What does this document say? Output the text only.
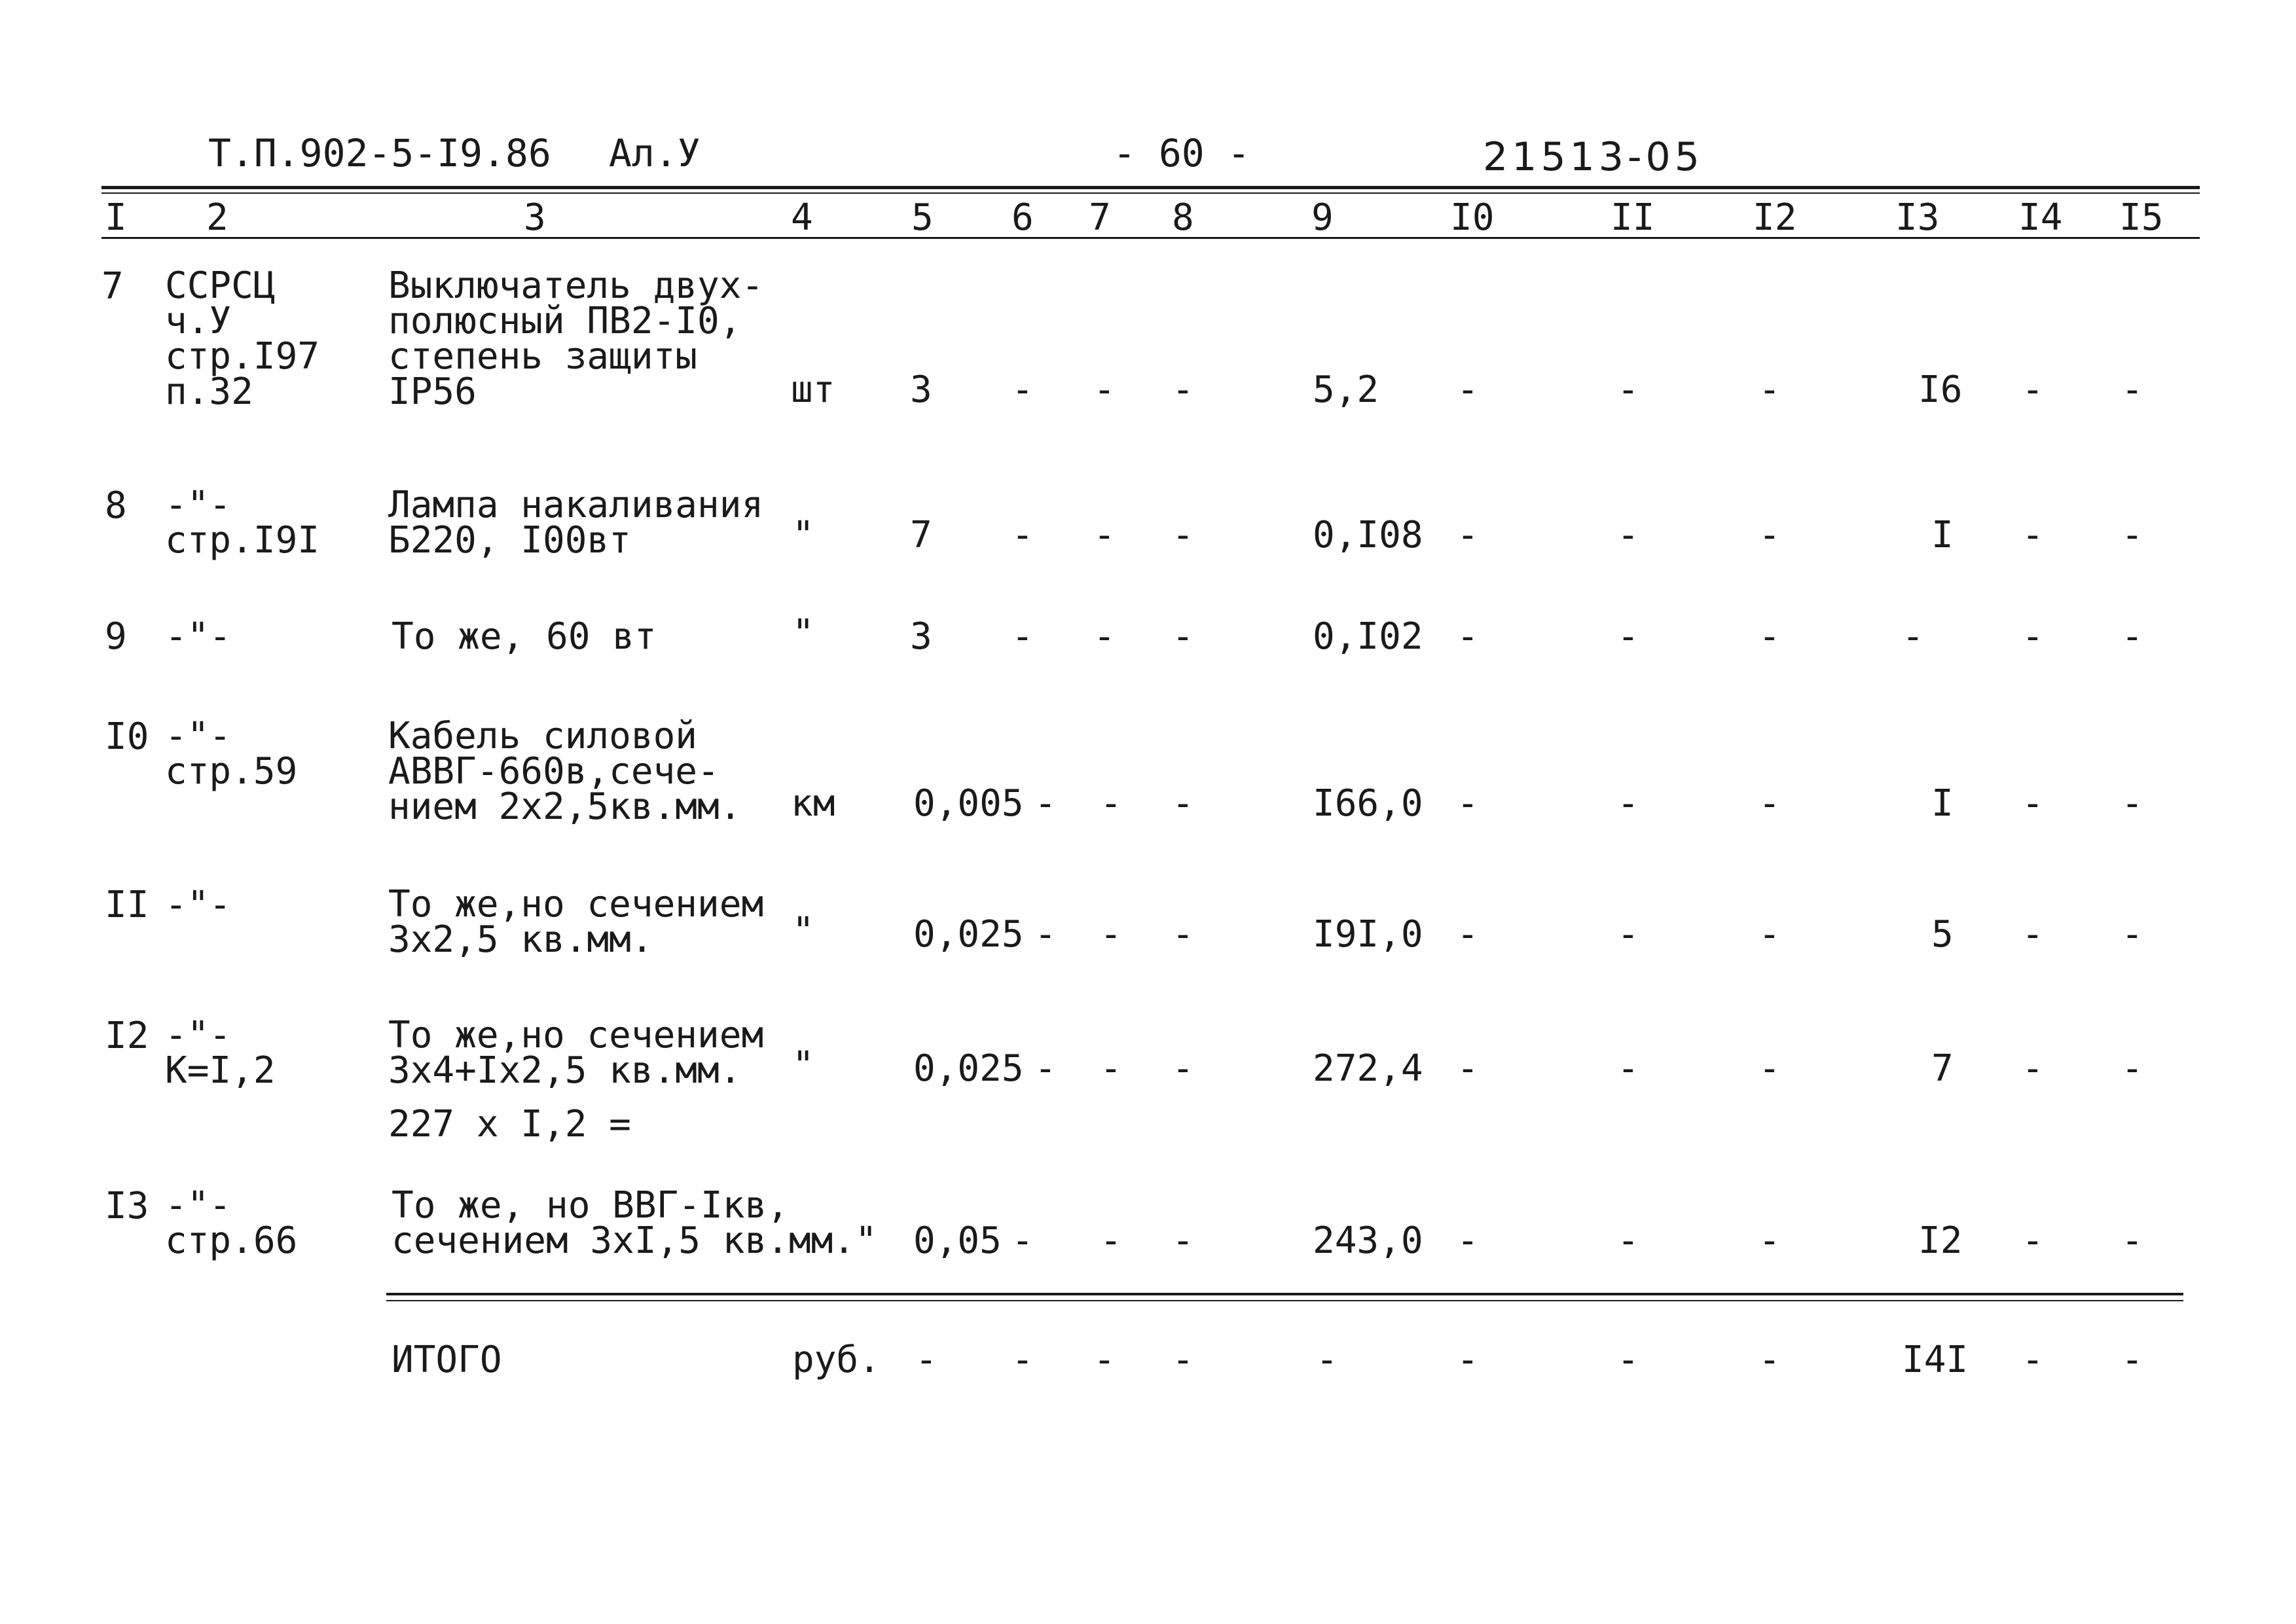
Т.П.902-5-I9.86 Ал.У	- 60 -	21513-05
I 2	3	4	5 6 7 8	9	I0	II	I2	I3 I4 I5
7 ССРСЦ
ч.У
стр.I97
п.32
Выключатель двух-
полюсный ПВ2-I0,
степень защиты
IP56	шт 3 - - -	5,2 -	-	-	I6 - -
8 -"-
стр.I9I
Лампа накаливания
Б220, I00вт	"	7 - - -	0,I08 -	-	-	I - -
9 -"-	То же, 60 вт	"	3 - - -	0,I02 -	-	-	-	- -
I0 -"-
стр.59
Кабель силовой
АВВГ-660в,сече-
нием 2х2,5кв.мм. км 0,005 - - -	I66,0 -	-	-	I - -
II -"-	То же,но сечением
3х2,5 кв.мм.	"	0,025 - - -	I9I,0 -	-	-	5 - -
I2 -"-
К=I,2
То же,но сечением
3х4+Iх2,5 кв.мм.
227 х I,2 =
"	0,025 - - -	272,4 -	-	-	7 - -
I3 -"-
стр.66
То же, но ВВГ-Iкв,
сечением 3хI,5 кв.мм." 0,05 - - -	243,0 -	-	-	I2 - -
ИТОГО	руб. - - - -	-	-	-	-	I4I - -
